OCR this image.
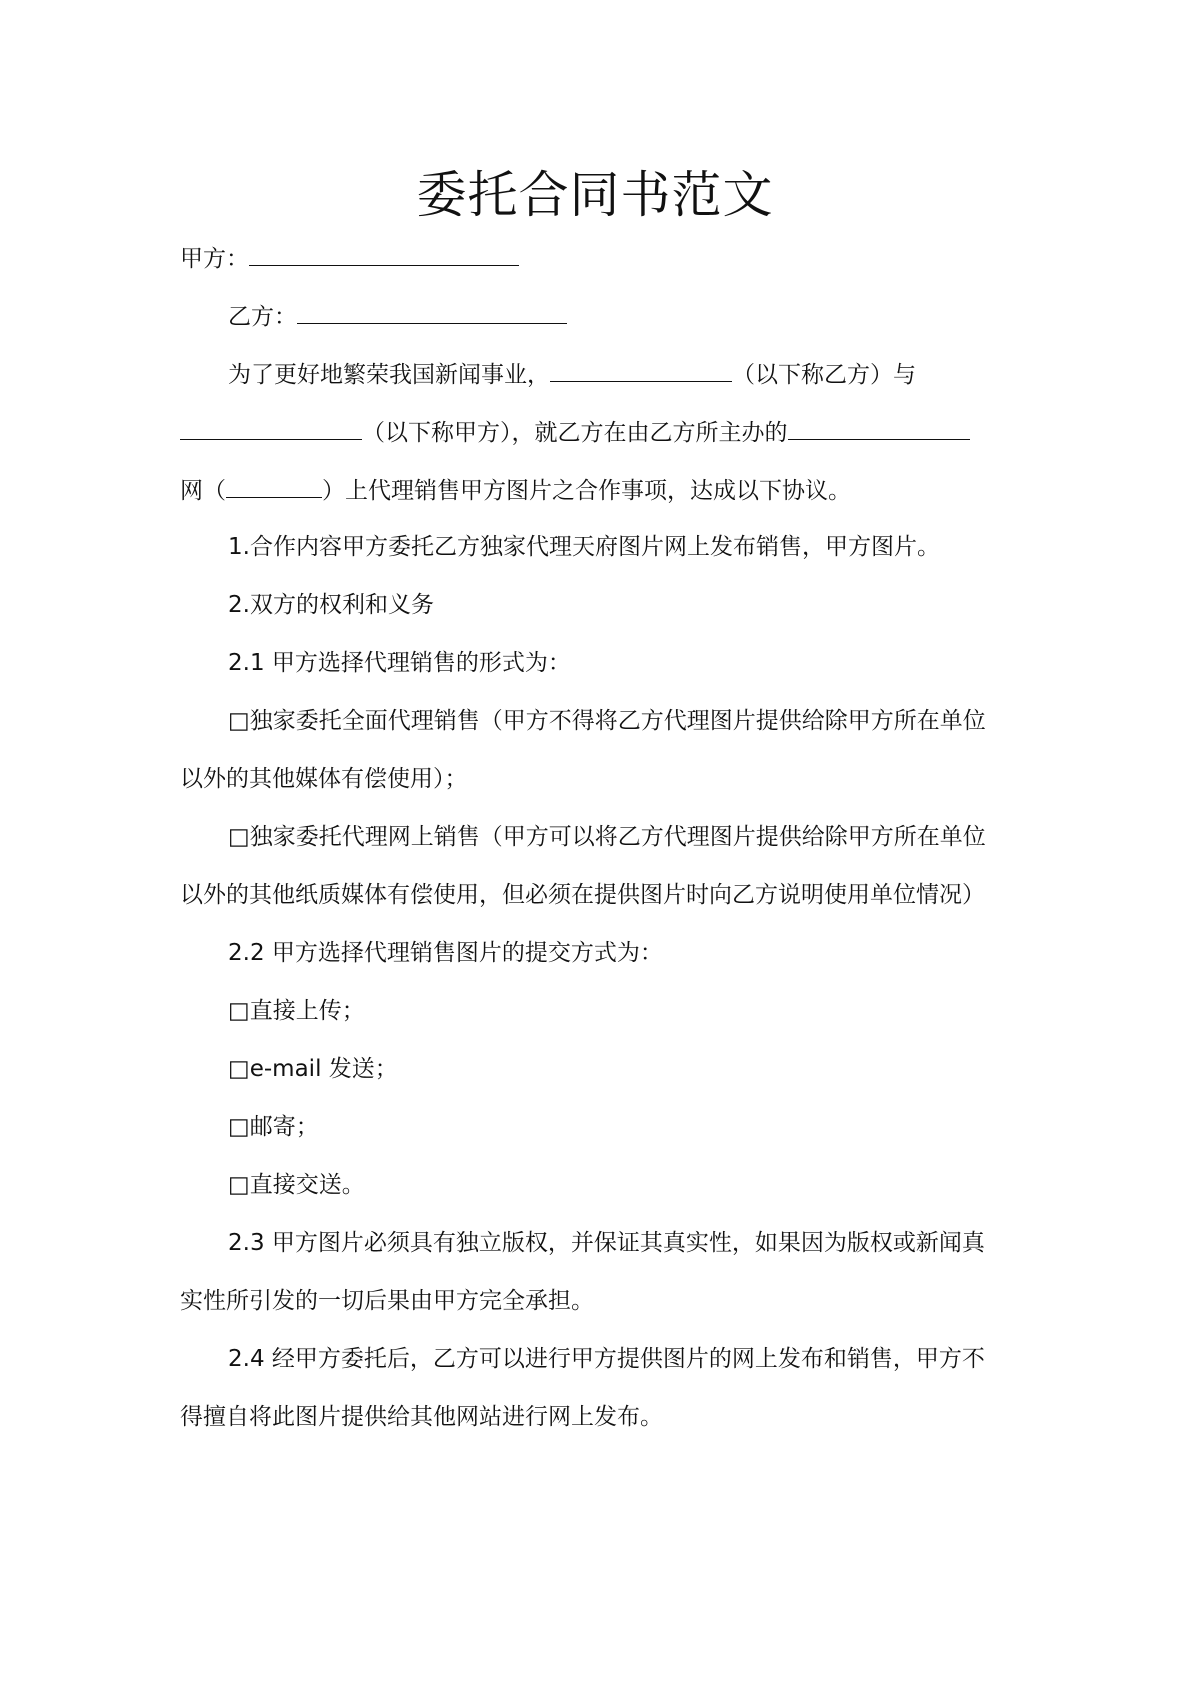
委托合同书范文
甲方：
乙方：
为了更好地繁荣我国新闻事业，	（以下称乙方）与
（以下称甲方），就乙方在由乙方所主办的
网（	）上代理销售甲方图片之合作事项，达成以下协议。
1.合作内容甲方委托乙方独家代理天府图片网上发布销售，甲方图片。
2.双方的权利和义务
2.1 甲方选择代理销售的形式为：
□独家委托全面代理销售（甲方不得将乙方代理图片提供给除甲方所在单位
以外的其他媒体有偿使用）；
□独家委托代理网上销售（甲方可以将乙方代理图片提供给除甲方所在单位
以外的其他纸质媒体有偿使用，但必须在提供图片时向乙方说明使用单位情况）
2.2 甲方选择代理销售图片的提交方式为：
□直接上传；
□e-mail 发送；
□邮寄；
□直接交送。
2.3 甲方图片必须具有独立版权，并保证其真实性，如果因为版权或新闻真
实性所引发的一切后果由甲方完全承担。
2.4 经甲方委托后，乙方可以进行甲方提供图片的网上发布和销售，甲方不
得擅自将此图片提供给其他网站进行网上发布。
